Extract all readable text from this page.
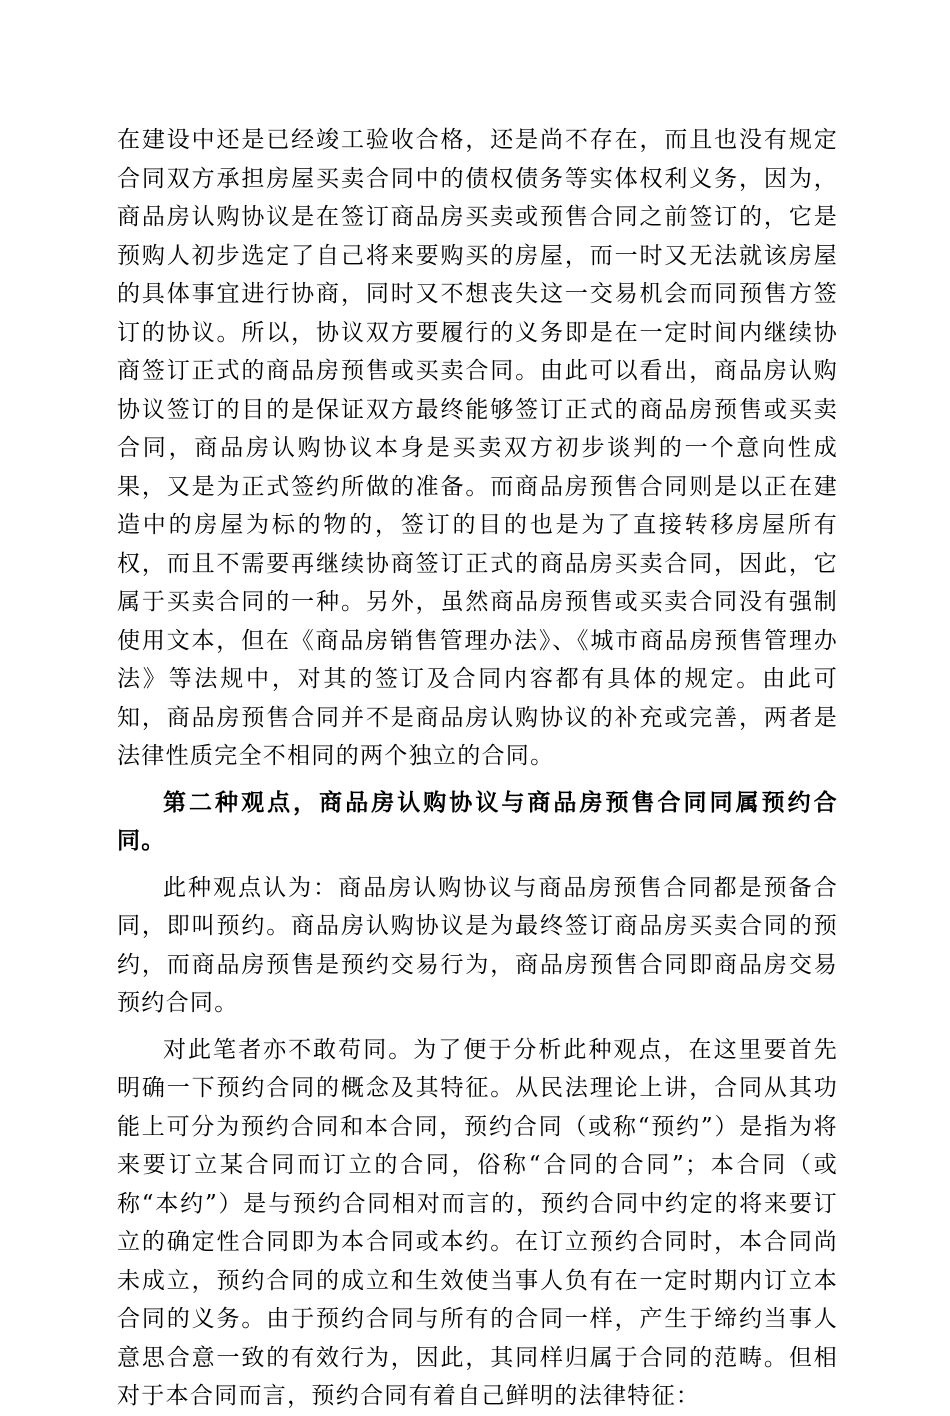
在建设中还是已经竣工验收合格，还是尚不存在，而且也没有规定合同双方承担房屋买卖合同中的债权债务等实体权利义务，因为，商品房认购协议是在签订商品房买卖或预售合同之前签订的，它是预购人初步选定了自己将来要购买的房屋，而一时又无法就该房屋的具体事宜进行协商，同时又不想丧失这一交易机会而同预售方签订的协议。所以，协议双方要履行的义务即是在一定时间内继续协商签订正式的商品房预售或买卖合同。由此可以看出，商品房认购协议签订的目的是保证双方最终能够签订正式的商品房预售或买卖合同，商品房认购协议本身是买卖双方初步谈判的一个意向性成果，又是为正式签约所做的准备。而商品房预售合同则是以正在建造中的房屋为标的物的，签订的目的也是为了直接转移房屋所有权，而且不需要再继续协商签订正式的商品房买卖合同，因此，它属于买卖合同的一种。另外，虽然商品房预售或买卖合同没有强制使用文本，但在《商品房销售管理办法》、《城市商品房预售管理办法》等法规中，对其的签订及合同内容都有具体的规定。由此可知，商品房预售合同并不是商品房认购协议的补充或完善，两者是法律性质完全不相同的两个独立的合同。

第二种观点，商品房认购协议与商品房预售合同同属预约合同。

此种观点认为：商品房认购协议与商品房预售合同都是预备合同，即叫预约。商品房认购协议是为最终签订商品房买卖合同的预约，而商品房预售是预约交易行为，商品房预售合同即商品房交易预约合同。

对此笔者亦不敢苟同。为了便于分析此种观点，在这里要首先明确一下预约合同的概念及其特征。从民法理论上讲，合同从其功能上可分为预约合同和本合同，预约合同（或称“预约”）是指为将来要订立某合同而订立的合同，俗称“合同的合同”；本合同（或称“本约”）是与预约合同相对而言的，预约合同中约定的将来要订立的确定性合同即为本合同或本约。在订立预约合同时，本合同尚未成立，预约合同的成立和生效使当事人负有在一定时期内订立本合同的义务。由于预约合同与所有的合同一样，产生于缔约当事人意思合意一致的有效行为，因此，其同样归属于合同的范畴。但相对于本合同而言，预约合同有着自己鲜明的法律特征：
